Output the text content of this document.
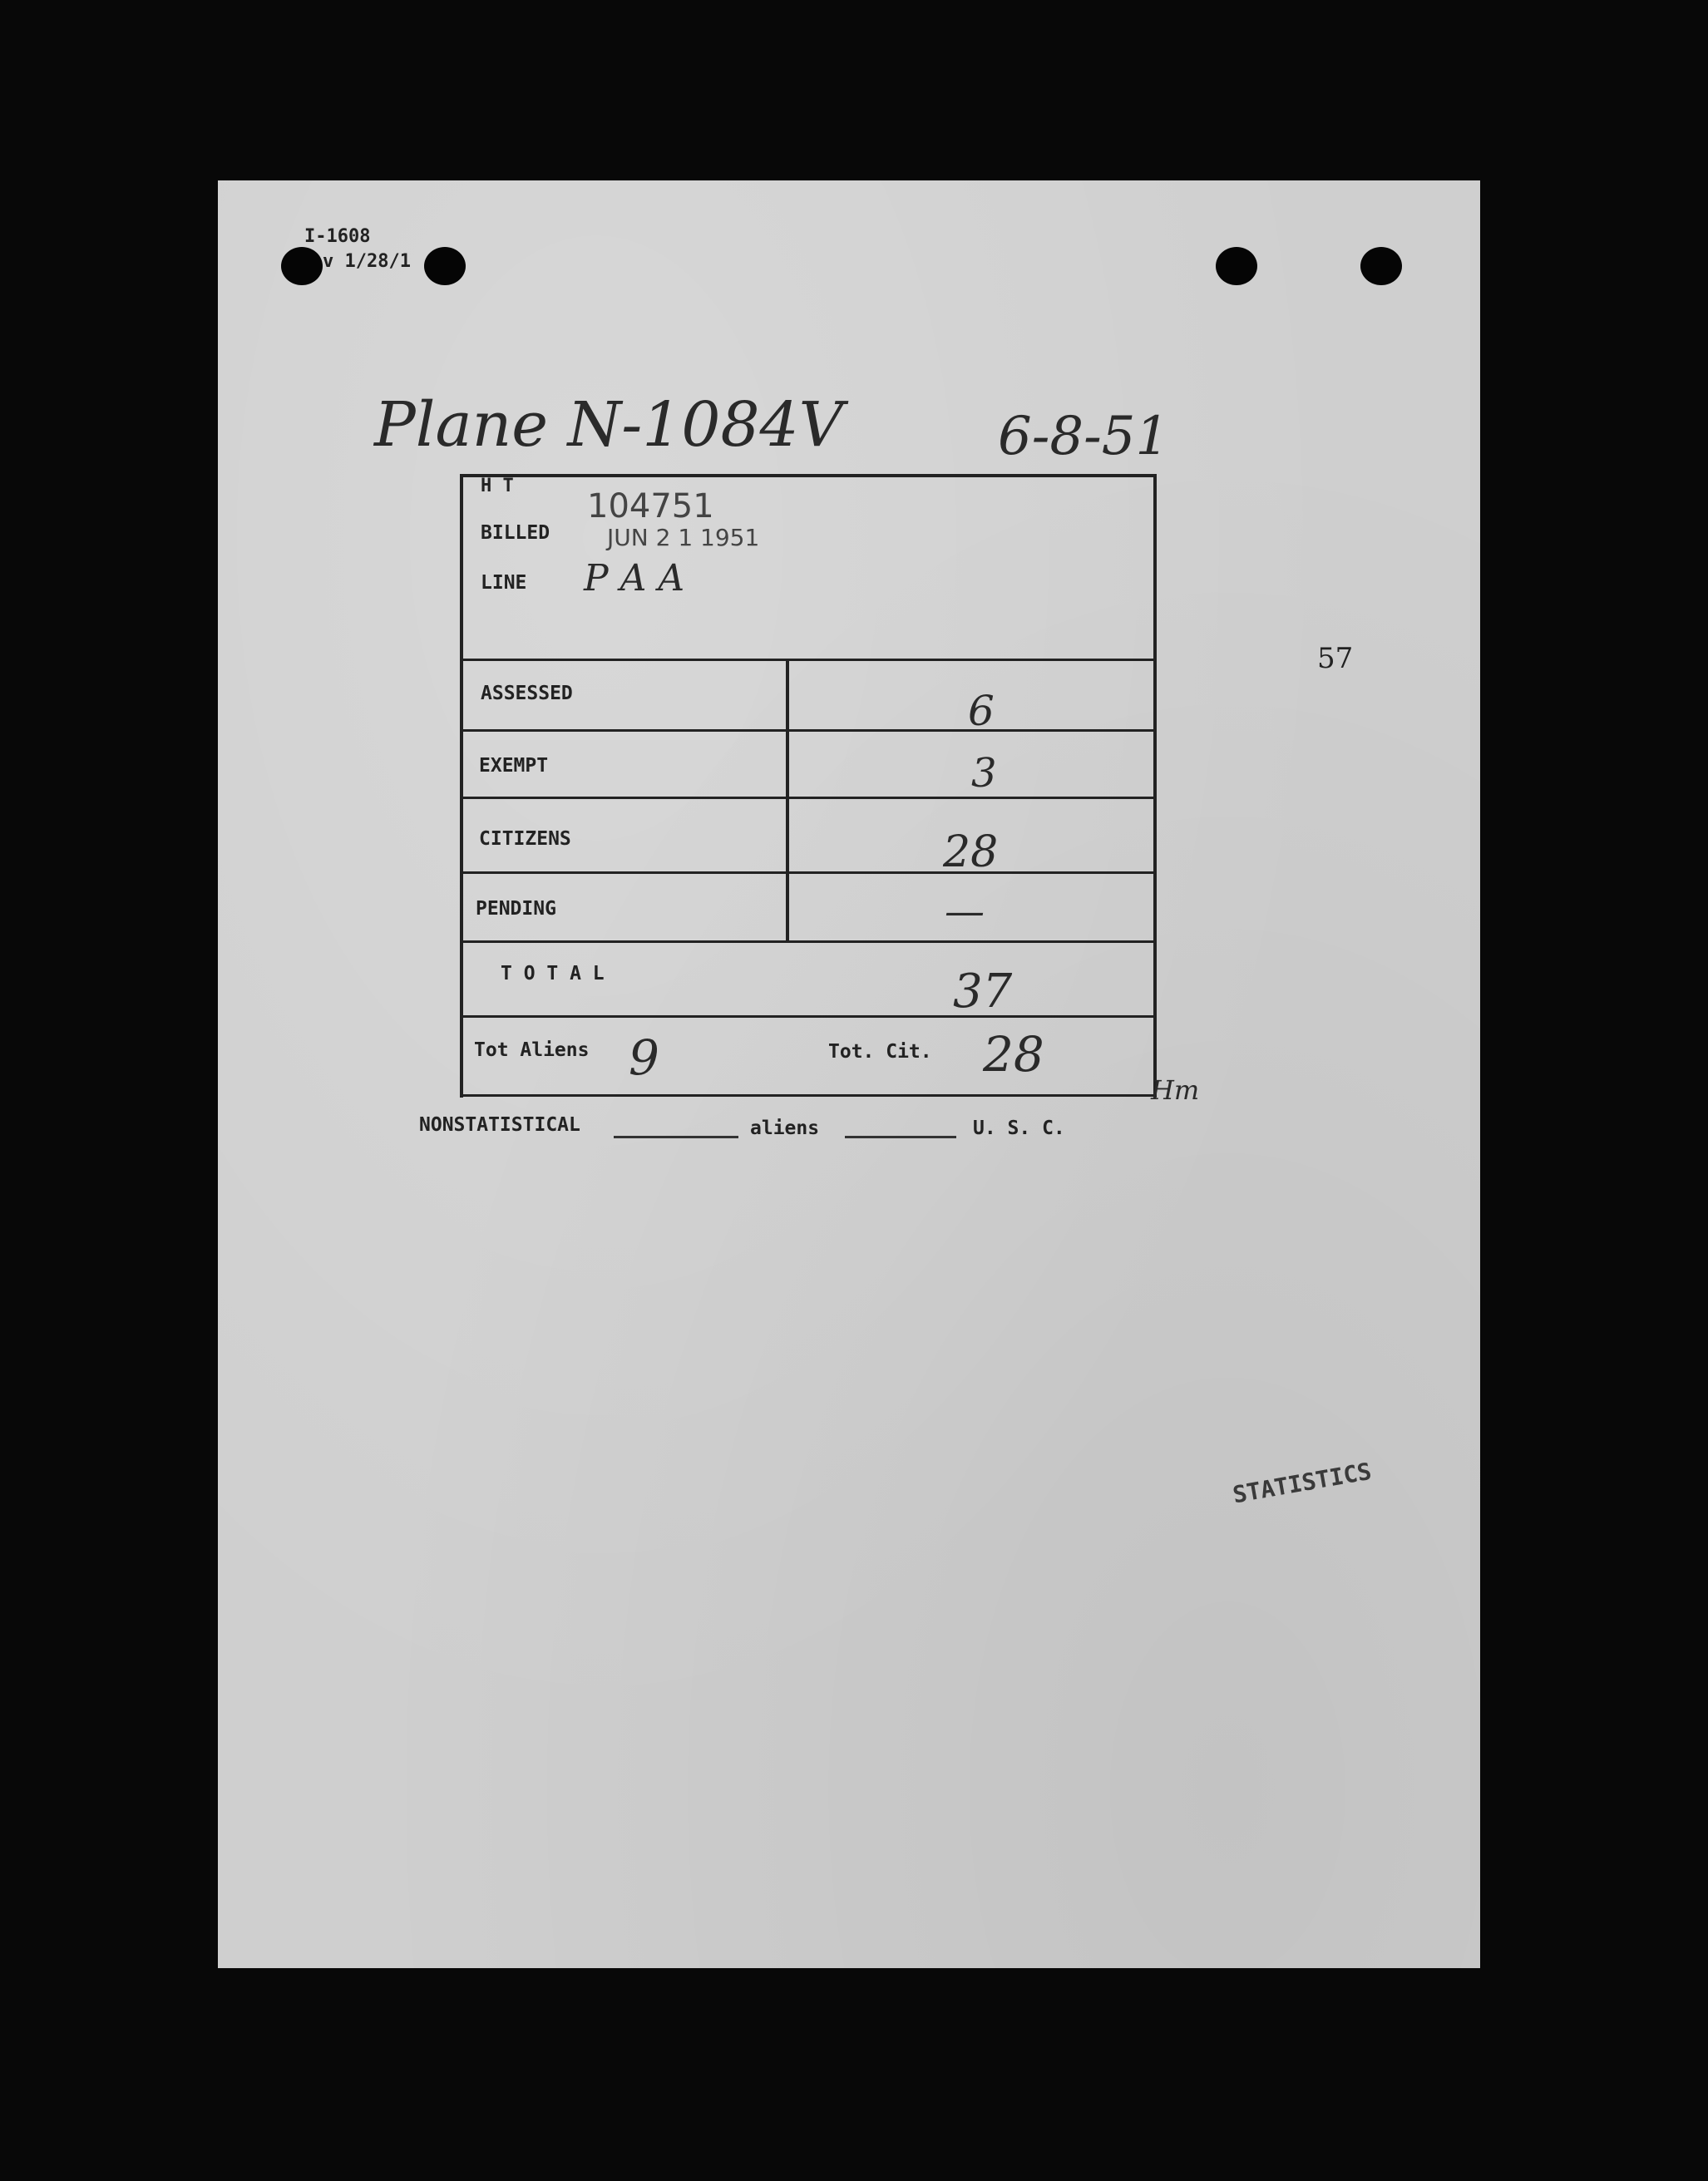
I-1608
v 1/28/1
Plane N-1084V	6-8-51
57
H T
104751
BILLED JUN 2 1 1951
LINE P A A
ASSESSED	6
EXEMPT	3
CITIZENS	28
PENDING	—
T O T A L	37
Tot Aliens 9	Tot. Cit. 28
Hm
NONSTATISTICAL	aliens	U. S. C.
STATISTICS
